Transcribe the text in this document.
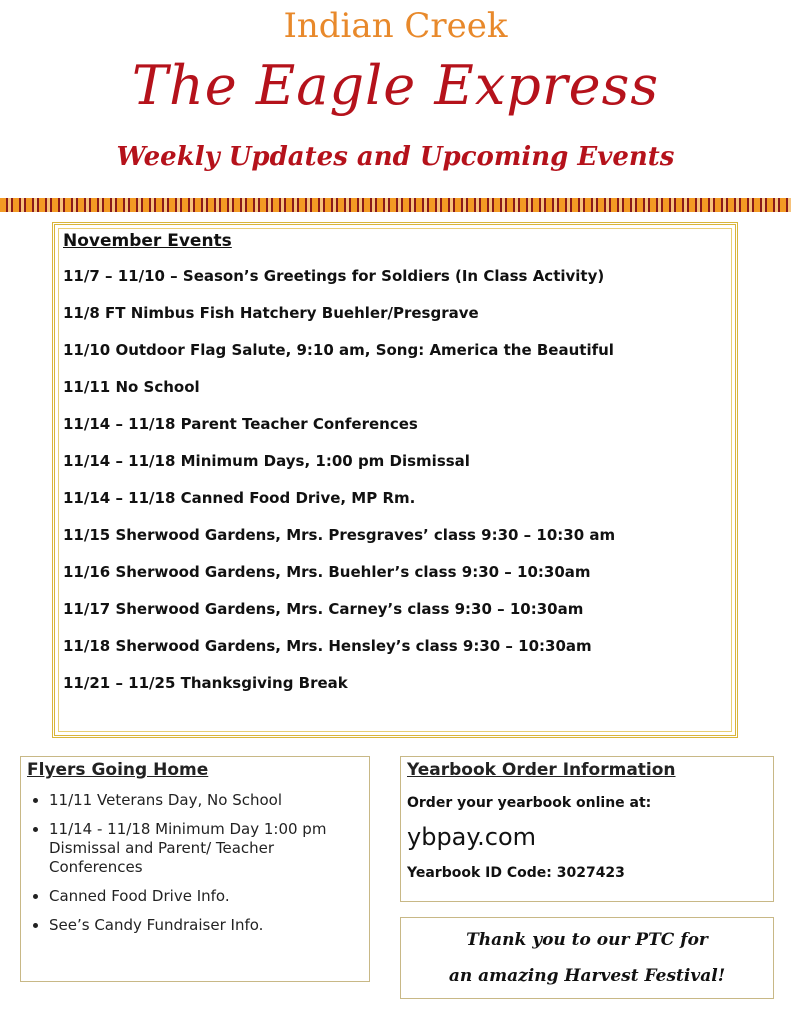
Indian Creek
The Eagle Express
Weekly Updates and Upcoming Events
November Events
11/7 – 11/10 – Season’s Greetings for Soldiers (In Class Activity)
11/8 FT Nimbus Fish Hatchery Buehler/Presgrave
11/10 Outdoor Flag Salute, 9:10 am, Song: America the Beautiful
11/11 No School
11/14 – 11/18 Parent Teacher Conferences
11/14 – 11/18 Minimum Days, 1:00 pm Dismissal
11/14 – 11/18 Canned Food Drive, MP Rm.
11/15 Sherwood Gardens, Mrs. Presgraves’ class 9:30 – 10:30 am
11/16 Sherwood Gardens, Mrs. Buehler’s class 9:30 – 10:30am
11/17 Sherwood Gardens, Mrs. Carney’s class 9:30 – 10:30am
11/18 Sherwood Gardens, Mrs. Hensley’s class 9:30 – 10:30am
11/21 – 11/25 Thanksgiving Break
Flyers Going Home
• 11/11 Veterans Day, No School
• 11/14 - 11/18 Minimum Day 1:00 pm Dismissal and Parent/ Teacher Conferences
• Canned Food Drive Info.
• See’s Candy Fundraiser Info.
Yearbook Order Information
Order your yearbook online at:
ybpay.com
Yearbook ID Code: 3027423
Thank you to our PTC for
an amazing Harvest Festival!
